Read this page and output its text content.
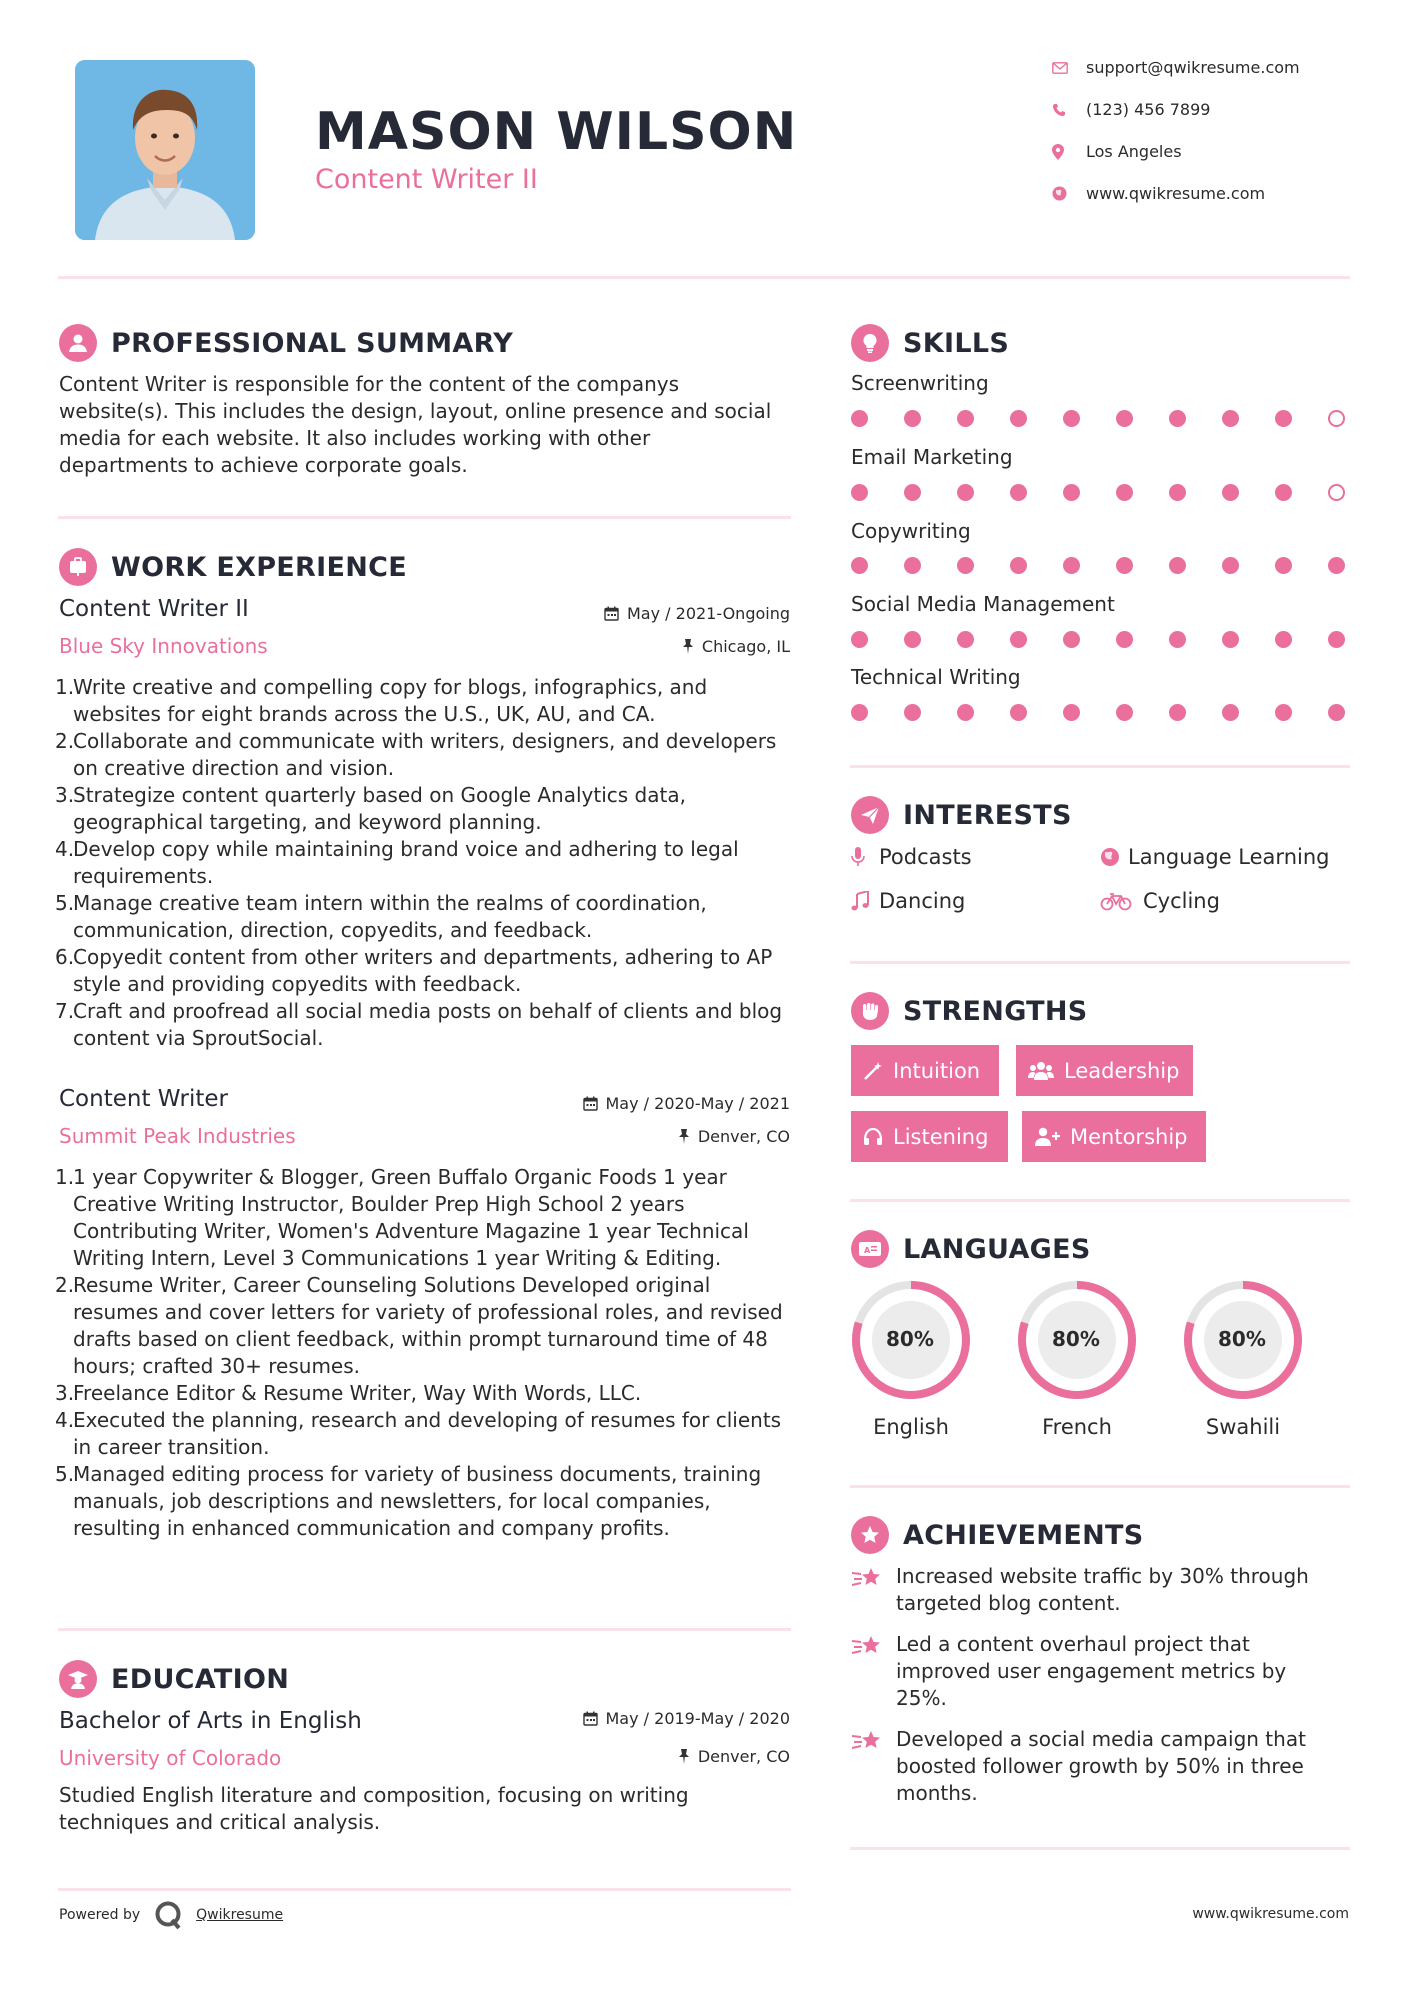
MASON WILSON
Content Writer II
support@qwikresume.com
(123) 456 7899
Los Angeles
www.qwikresume.com
PROFESSIONAL SUMMARY
Content Writer is responsible for the content of the companys website(s). This includes the design, layout, online presence and social media for each website. It also includes working with other departments to achieve corporate goals.
WORK EXPERIENCE
Content Writer II	May / 2021-Ongoing
Blue Sky Innovations	Chicago, IL
1.
Write creative and compelling copy for blogs, infographics, and websites for eight brands across the U.S., UK, AU, and CA.
2.
Collaborate and communicate with writers, designers, and developers on creative direction and vision.
3.
Strategize content quarterly based on Google Analytics data, geographical targeting, and keyword planning.
4.
Develop copy while maintaining brand voice and adhering to legal requirements.
5.
Manage creative team intern within the realms of coordination, communication, direction, copyedits, and feedback.
6.
Copyedit content from other writers and departments, adhering to AP style and providing copyedits with feedback.
7.
Craft and proofread all social media posts on behalf of clients and blog content via SproutSocial.
Content Writer	May / 2020-May / 2021
Summit Peak Industries	Denver, CO
1.
1 year Copywriter & Blogger, Green Buffalo Organic Foods 1 year Creative Writing Instructor, Boulder Prep High School 2 years Contributing Writer, Women's Adventure Magazine 1 year Technical Writing Intern, Level 3 Communications 1 year Writing & Editing.
2.
Resume Writer, Career Counseling Solutions Developed original resumes and cover letters for variety of professional roles, and revised drafts based on client feedback, within prompt turnaround time of 48 hours; crafted 30+ resumes.
3.
Freelance Editor & Resume Writer, Way With Words, LLC.
4.
Executed the planning, research and developing of resumes for clients in career transition.
5.
Managed editing process for variety of business documents, training manuals, job descriptions and newsletters, for local companies, resulting in enhanced communication and company profits.
EDUCATION
Bachelor of Arts in English	May / 2019-May / 2020
University of Colorado	Denver, CO
Studied English literature and composition, focusing on writing techniques and critical analysis.
SKILLS
Screenwriting
Email Marketing
Copywriting
Social Media Management
Technical Writing
INTERESTS
Podcasts	Language Learning
Dancing	Cycling
STRENGTHS
Intuition	Leadership
Listening	Mentorship
A LANGUAGES
80%
English
80%
French
80%
Swahili
ACHIEVEMENTS
Increased website traffic by 30% through targeted blog content.
Led a content overhaul project that improved user engagement metrics by 25%.
Developed a social media campaign that boosted follower growth by 50% in three months.
Powered by	Qwikresume	www.qwikresume.com
